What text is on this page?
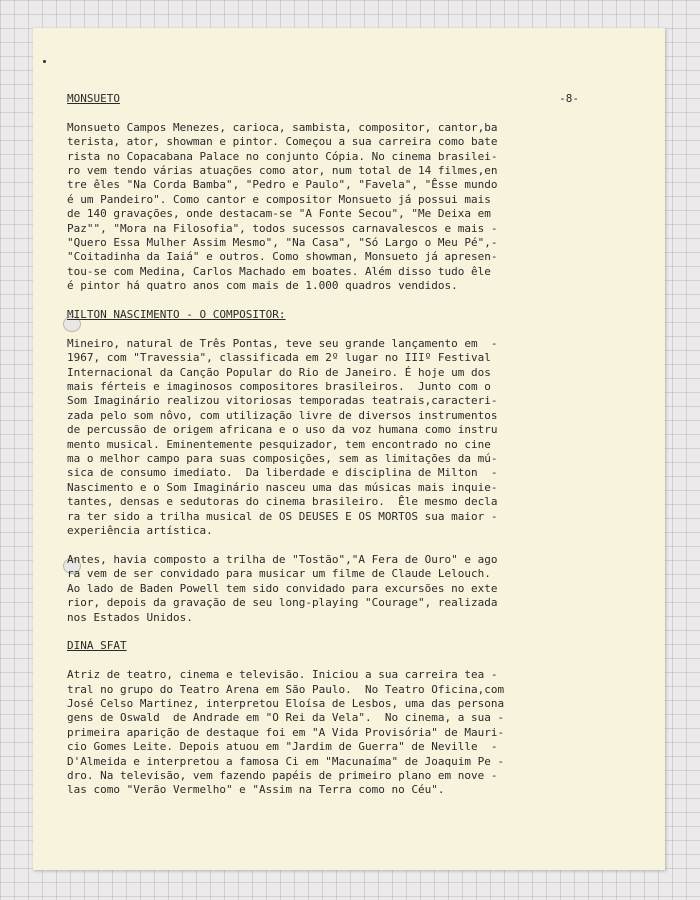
MONSUETO	-8-
Monsueto Campos Menezes, carioca, sambista, compositor, cantor,ba
terista, ator, showman e pintor. Começou a sua carreira como bate
rista no Copacabana Palace no conjunto Cópia. No cinema brasilei-
ro vem tendo várias atuações como ator, num total de 14 filmes,en
tre êles "Na Corda Bamba", "Pedro e Paulo", "Favela", "Êsse mundo
é um Pandeiro". Como cantor e compositor Monsueto já possui mais
de 140 gravações, onde destacam-se "A Fonte Secou", "Me Deixa em
Paz"", "Mora na Filosofia", todos sucessos carnavalescos e mais -
"Quero Essa Mulher Assim Mesmo", "Na Casa", "Só Largo o Meu Pé",-
"Coitadinha da Iaiá" e outros. Como showman, Monsueto já apresen-
tou-se com Medina, Carlos Machado em boates. Além disso tudo êle
é pintor há quatro anos com mais de 1.000 quadros vendidos.
MILTON NASCIMENTO - O COMPOSITOR:
Mineiro, natural de Três Pontas, teve seu grande lançamento em  -
1967, com "Travessia", classificada em 2º lugar no IIIº Festival
Internacional da Canção Popular do Rio de Janeiro. É hoje um dos
mais férteis e imaginosos compositores brasileiros.  Junto com o
Som Imaginário realizou vitoriosas temporadas teatrais,caracteri-
zada pelo som nôvo, com utilização livre de diversos instrumentos
de percussão de origem africana e o uso da voz humana como instru
mento musical. Eminentemente pesquizador, tem encontrado no cine
ma o melhor campo para suas composições, sem as limitações da mú-
sica de consumo imediato.  Da liberdade e disciplina de Milton  -
Nascimento e o Som Imaginário nasceu uma das músicas mais inquie-
tantes, densas e sedutoras do cinema brasileiro.  Êle mesmo decla
ra ter sido a trilha musical de OS DEUSES E OS MORTOS sua maior -
experiência artística.
Antes, havia composto a trilha de "Tostão","A Fera de Ouro" e ago
ra vem de ser convidado para musicar um filme de Claude Lelouch.
Ao lado de Baden Powell tem sido convidado para excursões no exte
rior, depois da gravação de seu long-playing "Courage", realizada
nos Estados Unidos.
DINA SFAT
Atriz de teatro, cinema e televisão. Iniciou a sua carreira tea -
tral no grupo do Teatro Arena em São Paulo.  No Teatro Oficina,com
José Celso Martinez, interpretou Eloísa de Lesbos, uma das persona
gens de Oswald  de Andrade em "O Rei da Vela".  No cinema, a sua -
primeira aparição de destaque foi em "A Vida Provisória" de Mauri-
cio Gomes Leite. Depois atuou em "Jardim de Guerra" de Neville  -
D'Almeida e interpretou a famosa Ci em "Macunaíma" de Joaquim Pe -
dro. Na televisão, vem fazendo papéis de primeiro plano em nove -
las como "Verão Vermelho" e "Assim na Terra como no Céu".
